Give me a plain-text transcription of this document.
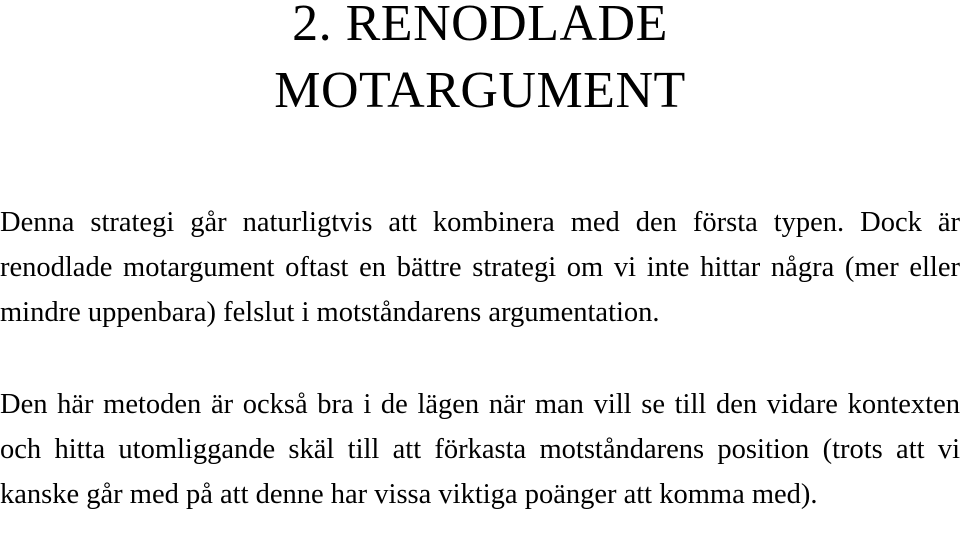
2. RENODLADE
MOTARGUMENT

Denna strategi går naturligtvis att kombinera med den första typen. Dock är renodlade motargument oftast en bättre strategi om vi inte hittar några (mer eller mindre uppenbara) felslut i motståndarens argumentation.

Den här metoden är också bra i de lägen när man vill se till den vidare kontexten och hitta utomliggande skäl till att förkasta motståndarens position (trots att vi kanske går med på att denne har vissa viktiga poänger att komma med).
